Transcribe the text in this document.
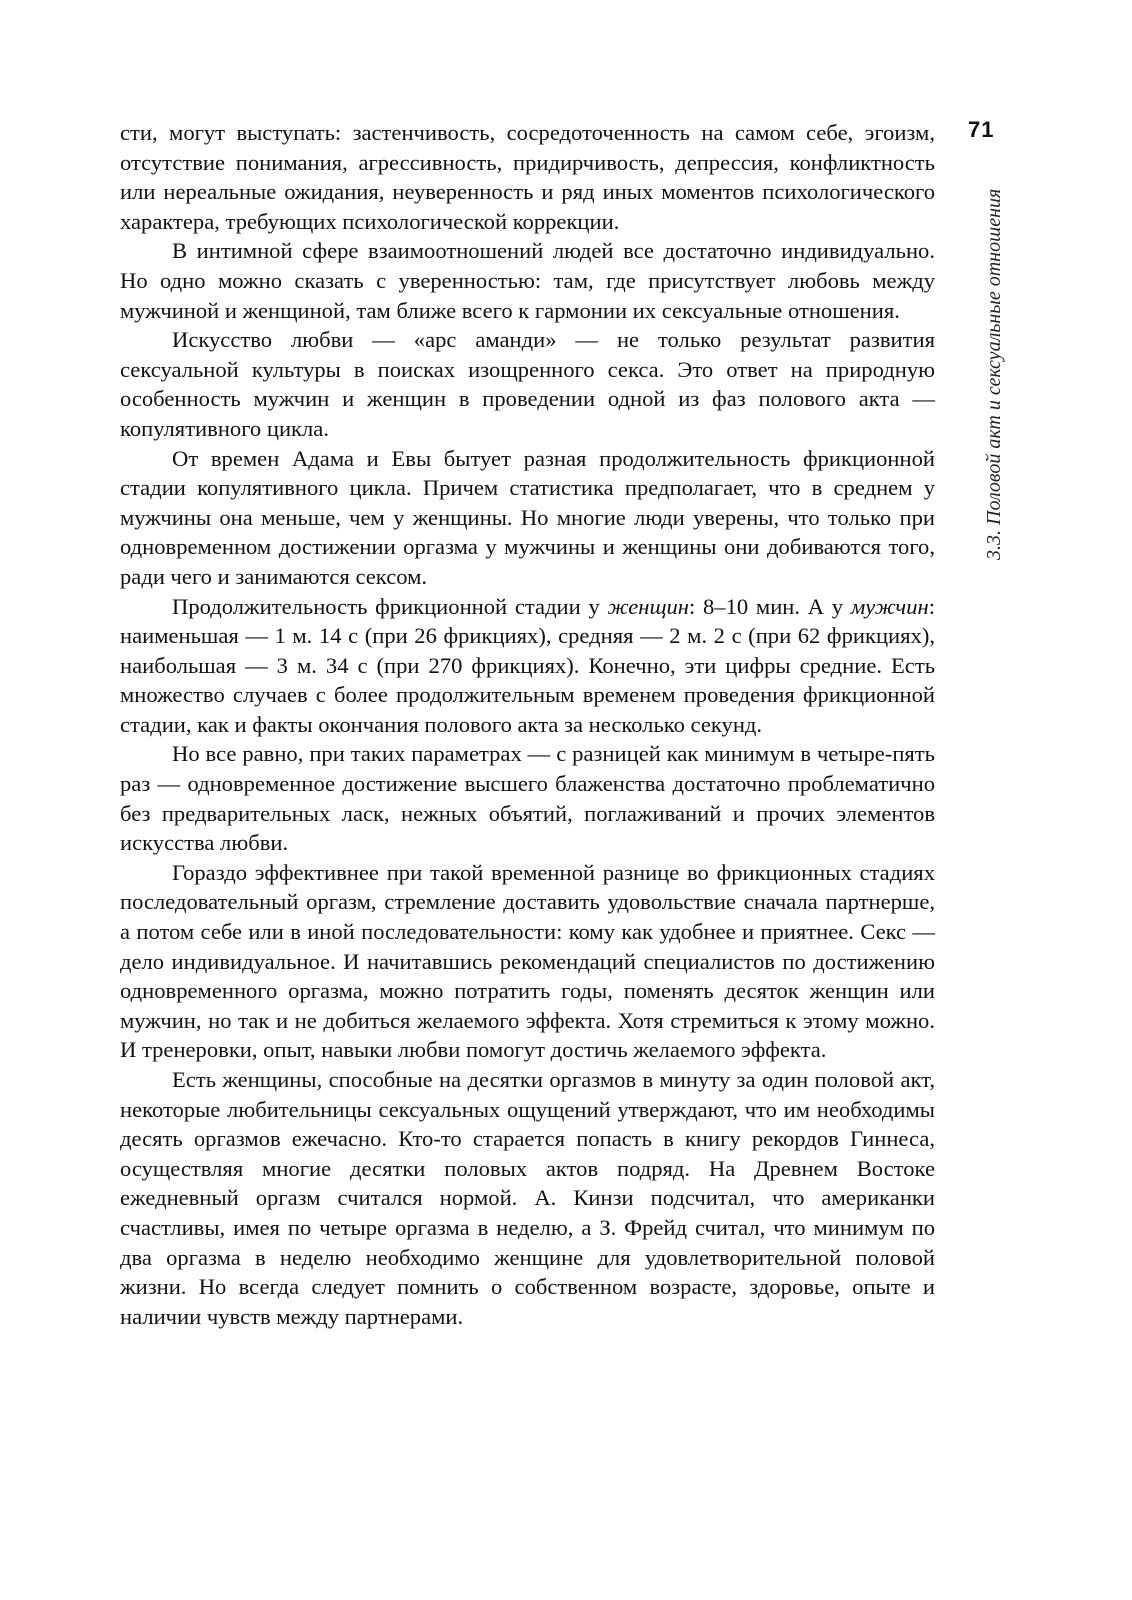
71
3.3. Половой акт и сексуальные отношения

сти, могут выступать: застенчивость, сосредоточенность на самом себе, эгоизм, отсутствие понимания, агрессивность, придирчивость, депрессия, конфликтность или нереальные ожидания, неуверенность и ряд иных моментов психологического характера, требующих психологической коррекции.

В интимной сфере взаимоотношений людей все достаточно индивидуально. Но одно можно сказать с уверенностью: там, где присутствует любовь между мужчиной и женщиной, там ближе всего к гармонии их сексуальные отношения.

Искусство любви — «арс аманди» — не только результат развития сексуальной культуры в поисках изощренного секса. Это ответ на природную особенность мужчин и женщин в проведении одной из фаз полового акта — копулятивного цикла.

От времен Адама и Евы бытует разная продолжительность фрикционной стадии копулятивного цикла. Причем статистика предполагает, что в среднем у мужчины она меньше, чем у женщины. Но многие люди уверены, что только при одновременном достижении оргазма у мужчины и женщины они добиваются того, ради чего и занимаются сексом.

Продолжительность фрикционной стадии у женщин: 8–10 мин. А у мужчин: наименьшая — 1 м. 14 с (при 26 фрикциях), средняя — 2 м. 2 с (при 62 фрикциях), наибольшая — 3 м. 34 с (при 270 фрикциях). Конечно, эти цифры средние. Есть множество случаев с более продолжительным временем проведения фрикционной стадии, как и факты окончания полового акта за несколько секунд.

Но все равно, при таких параметрах — с разницей как минимум в четыре-пять раз — одновременное достижение высшего блаженства достаточно проблематично без предварительных ласк, нежных объятий, поглаживаний и прочих элементов искусства любви.

Гораздо эффективнее при такой временной разнице во фрикционных стадиях последовательный оргазм, стремление доставить удовольствие сначала партнерше, а потом себе или в иной последовательности: кому как удобнее и приятнее. Секс — дело индивидуальное. И начитавшись рекомендаций специалистов по достижению одновременного оргазма, можно потратить годы, поменять десяток женщин или мужчин, но так и не добиться желаемого эффекта. Хотя стремиться к этому можно. И тренеровки, опыт, навыки любви помогут достичь желаемого эффекта.

Есть женщины, способные на десятки оргазмов в минуту за один половой акт, некоторые любительницы сексуальных ощущений утверждают, что им необходимы десять оргазмов ежечасно. Кто-то старается попасть в книгу рекордов Гиннеса, осуществляя многие десятки половых актов подряд. На Древнем Востоке ежедневный оргазм считался нормой. А. Кинзи подсчитал, что американки счастливы, имея по четыре оргазма в неделю, а З. Фрейд считал, что минимум по два оргазма в неделю необходимо женщине для удовлетворительной половой жизни. Но всегда следует помнить о собственном возрасте, здоровье, опыте и наличии чувств между партнерами.
